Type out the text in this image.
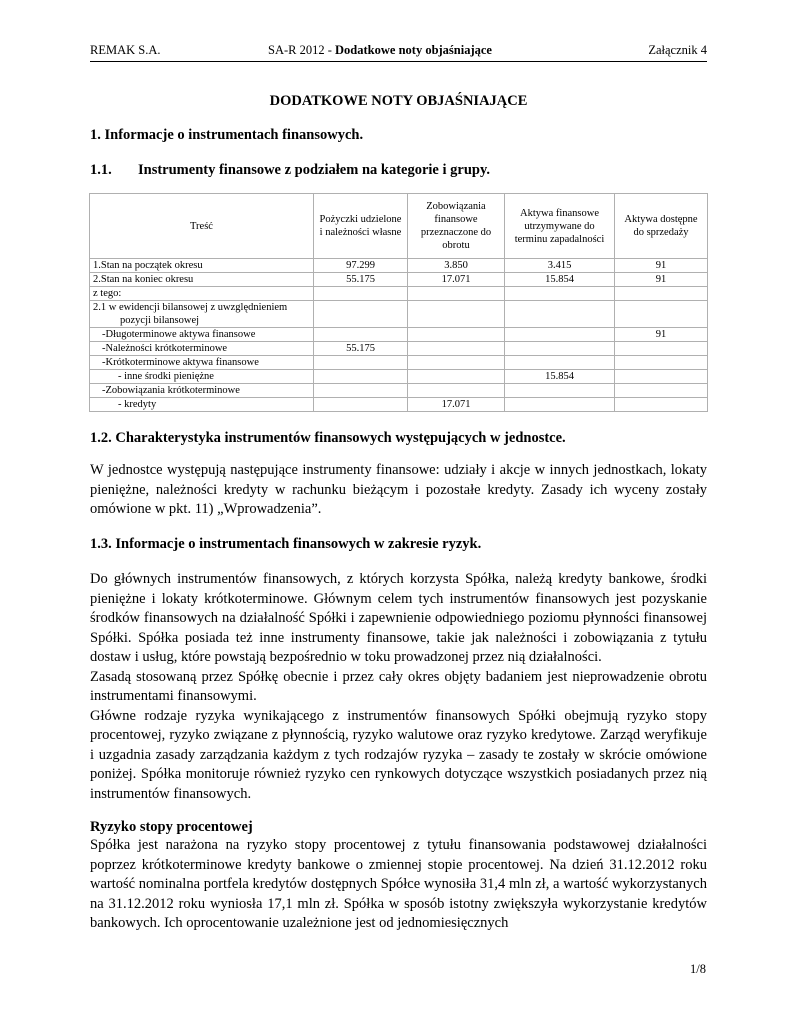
REMAK S.A.	SA-R 2012 - Dodatkowe noty objaśniające	Załącznik 4
DODATKOWE NOTY OBJAŚNIAJĄCE
1. Informacje o instrumentach finansowych.
1.1. Instrumenty finansowe z podziałem na kategorie i grupy.
Treść	Pożyczki udzielone i należności własne	Zobowiązania finansowe przeznaczone do obrotu	Aktywa finansowe utrzymywane do terminu zapadalności	Aktywa dostępne do sprzedaży
1.Stan na początek okresu	97.299	3.850	3.415	91
2.Stan na koniec okresu	55.175	17.071	15.854	91
z tego:				
2.1 w ewidencji bilansowej z uwzględnieniem
pozycji bilansowej				

-Długoterminowe aktywa finansowe				91
-Należności krótkoterminowe	55.175			
-Krótkoterminowe aktywa finansowe				
- inne środki pieniężne			15.854	
-Zobowiązania krótkoterminowe				
- kredyty		17.071		
1.2. Charakterystyka instrumentów finansowych występujących w jednostce.

W jednostce występują następujące instrumenty finansowe: udziały i akcje w innych jednostkach, lokaty pieniężne, należności kredyty w rachunku bieżącym i pozostałe kredyty. Zasady ich wyceny zostały omówione w pkt. 11) „Wprowadzenia”.

1.3. Informacje o instrumentach finansowych w zakresie ryzyk.

Do głównych instrumentów finansowych, z których korzysta Spółka, należą kredyty bankowe, środki pieniężne i lokaty krótkoterminowe. Głównym celem tych instrumentów finansowych jest pozyskanie środków finansowych na działalność Spółki i zapewnienie odpowiedniego poziomu płynności finansowej Spółki. Spółka posiada też inne instrumenty finansowe, takie jak należności i zobowiązania z tytułu dostaw i usług, które powstają bezpośrednio w toku prowadzonej przez nią działalności.

Zasadą stosowaną przez Spółkę obecnie i przez cały okres objęty badaniem jest nieprowadzenie obrotu instrumentami finansowymi.

Główne rodzaje ryzyka wynikającego z instrumentów finansowych Spółki obejmują ryzyko stopy procentowej, ryzyko związane z płynnością, ryzyko walutowe oraz ryzyko kredytowe. Zarząd weryfikuje i uzgadnia zasady zarządzania każdym z tych rodzajów ryzyka – zasady te zostały w skrócie omówione poniżej. Spółka monitoruje również ryzyko cen rynkowych dotyczące wszystkich posiadanych przez nią instrumentów finansowych.

Ryzyko stopy procentowej

Spółka jest narażona na ryzyko stopy procentowej z tytułu finansowania podstawowej działalności poprzez krótkoterminowe kredyty bankowe o zmiennej stopie procentowej. Na dzień 31.12.2012 roku wartość nominalna portfela kredytów dostępnych Spółce wynosiła 31,4 mln zł, a wartość wykorzystanych na 31.12.2012 roku wyniosła 17,1 mln zł. Spółka w sposób istotny zwiększyła wykorzystanie kredytów bankowych. Ich oprocentowanie uzależnione jest od jednomiesięcznych

1/8
